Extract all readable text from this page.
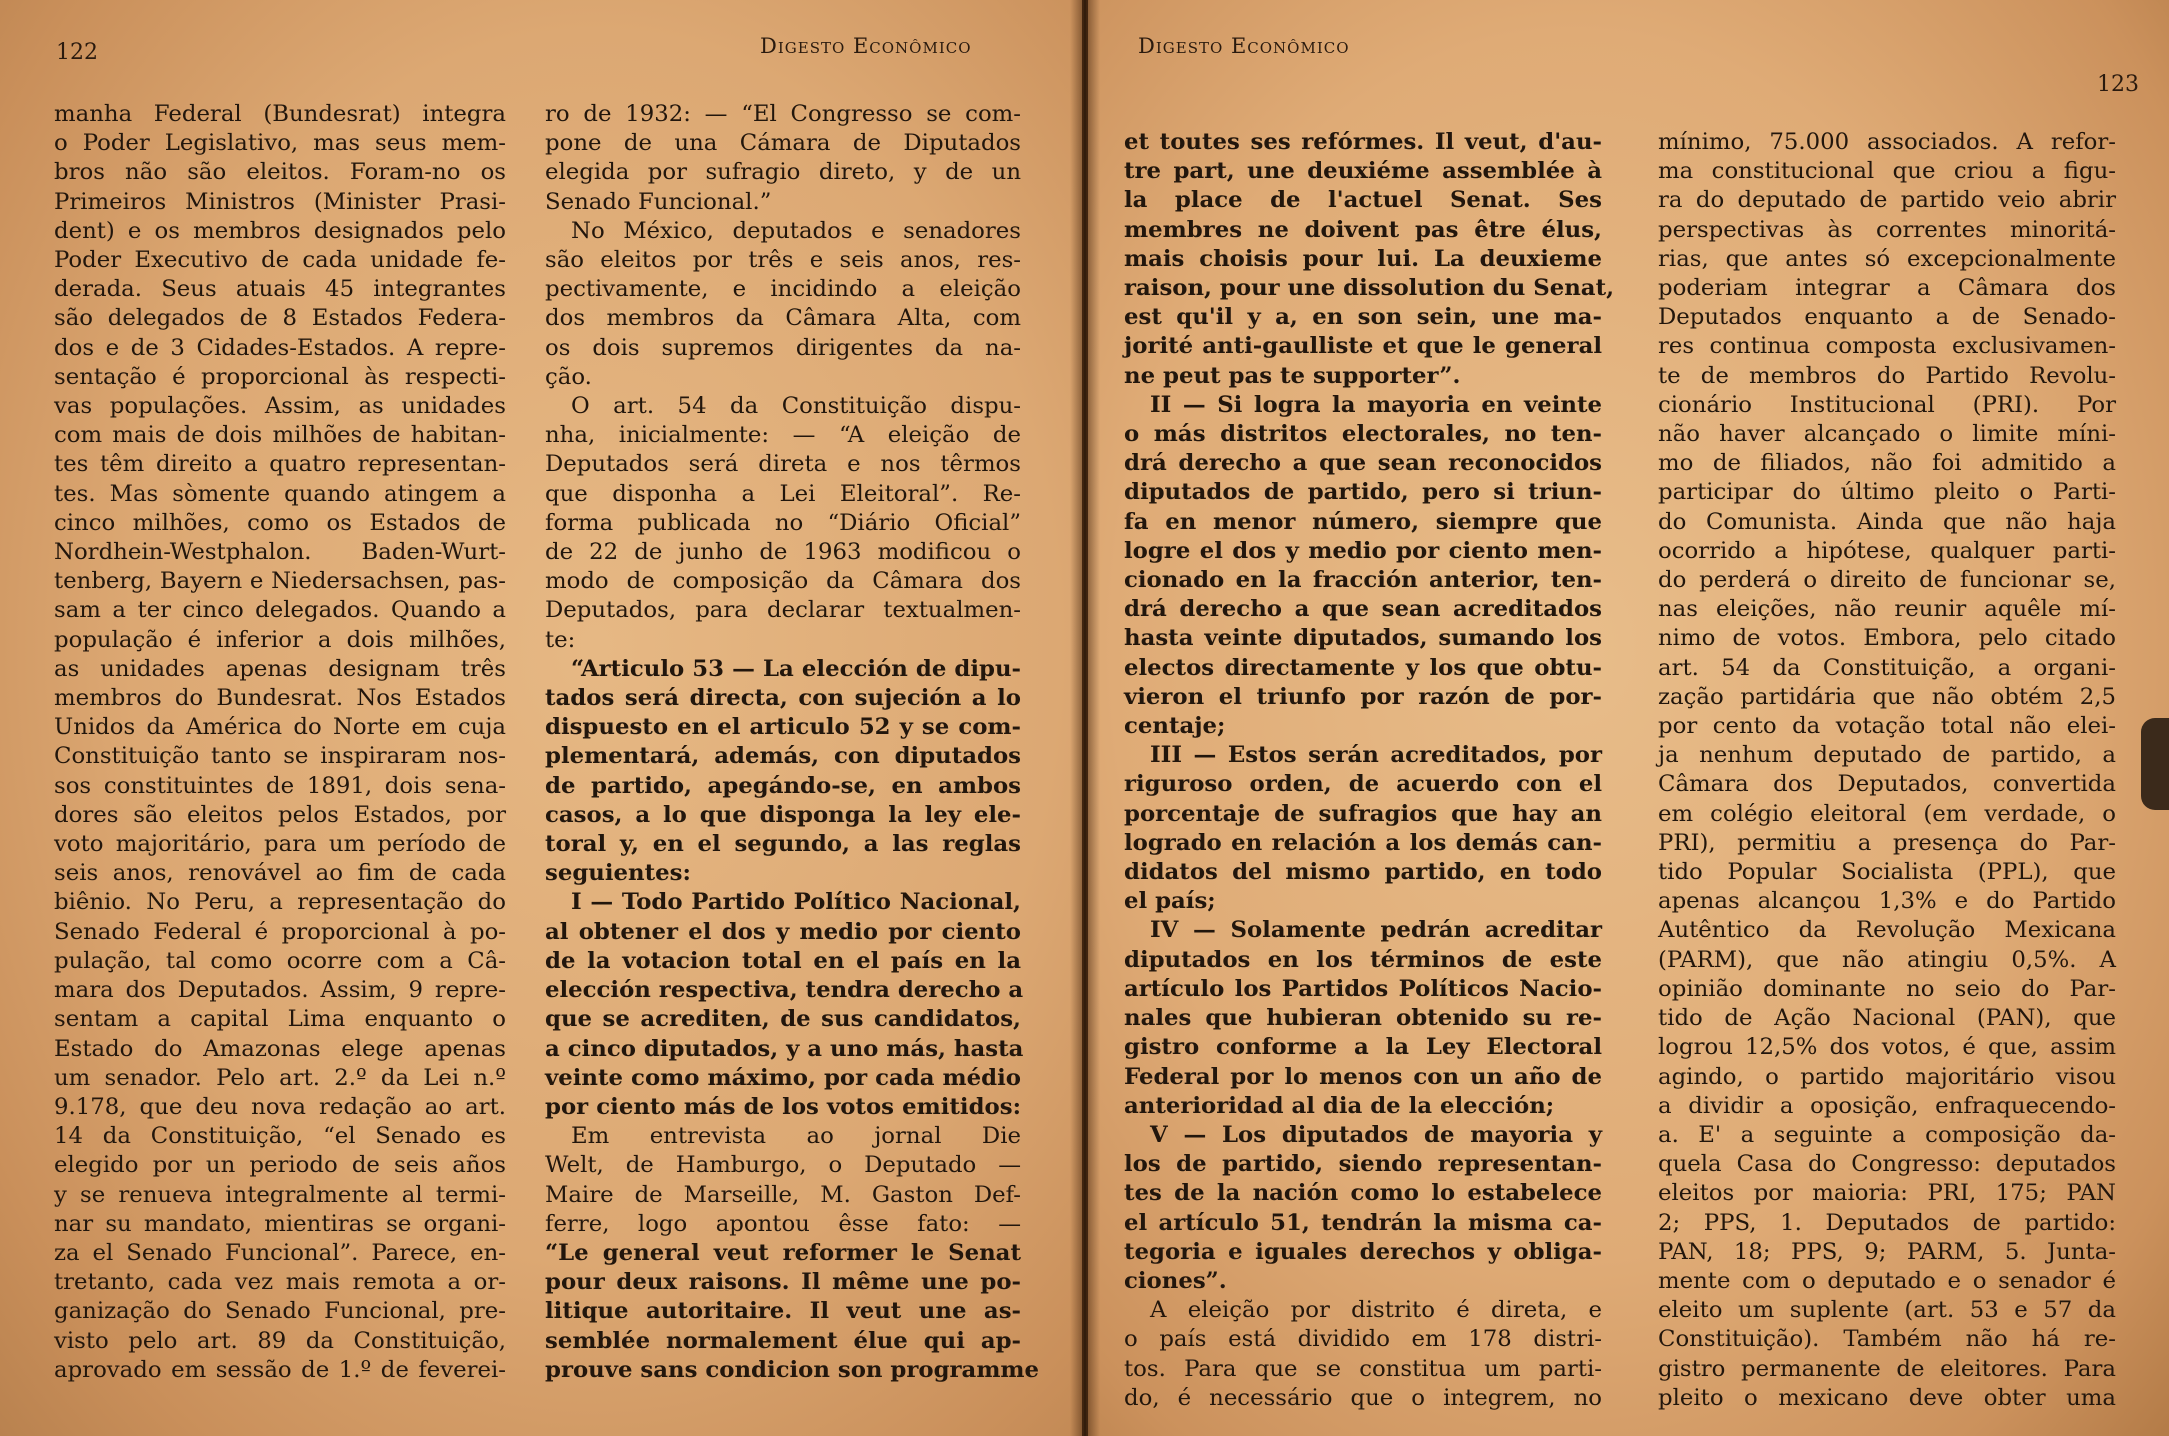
122	Digesto Econômico
manha Federal (Bundesrat) integra
o Poder Legislativo, mas seus mem-
bros não são eleitos. Foram-no os
Primeiros Ministros (Minister Prasi-
dent) e os membros designados pelo
Poder Executivo de cada unidade fe-
derada. Seus atuais 45 integrantes
são delegados de 8 Estados Federa-
dos e de 3 Cidades-Estados. A repre-
sentação é proporcional às respecti-
vas populações. Assim, as unidades
com mais de dois milhões de habitan-
tes têm direito a quatro representan-
tes. Mas sòmente quando atingem a
cinco milhões, como os Estados de
Nordhein-Westphalon. Baden-Wurt-
tenberg, Bayern e Niedersachsen, pas-
sam a ter cinco delegados. Quando a
população é inferior a dois milhões,
as unidades apenas designam três
membros do Bundesrat. Nos Estados
Unidos da América do Norte em cuja
Constituição tanto se inspiraram nos-
sos constituintes de 1891, dois sena-
dores são eleitos pelos Estados, por
voto majoritário, para um período de
seis anos, renovável ao fim de cada
biênio. No Peru, a representação do
Senado Federal é proporcional à po-
pulação, tal como ocorre com a Câ-
mara dos Deputados. Assim, 9 repre-
sentam a capital Lima enquanto o
Estado do Amazonas elege apenas
um senador. Pelo art. 2.º da Lei n.º
9.178, que deu nova redação ao art.
14 da Constituição, “el Senado es
elegido por un periodo de seis años
y se renueva integralmente al termi-
nar su mandato, mientiras se organi-
za el Senado Funcional”. Parece, en-
tretanto, cada vez mais remota a or-
ganização do Senado Funcional, pre-
visto pelo art. 89 da Constituição,
aprovado em sessão de 1.º de feverei-
ro de 1932: — “El Congresso se com-
pone de una Cámara de Diputados
elegida por sufragio direto, y de un
Senado Funcional.”
No México, deputados e senadores
são eleitos por três e seis anos, res-
pectivamente, e incidindo a eleição
dos membros da Câmara Alta, com
os dois supremos dirigentes da na-
ção.
O art. 54 da Constituição dispu-
nha, inicialmente: — “A eleição de
Deputados será direta e nos têrmos
que disponha a Lei Eleitoral”. Re-
forma publicada no “Diário Oficial”
de 22 de junho de 1963 modificou o
modo de composição da Câmara dos
Deputados, para declarar textualmen-
te:
“Articulo 53 — La elección de dipu-
tados será directa, con sujeción a lo
dispuesto en el articulo 52 y se com-
plementará, además, con diputados
de partido, apegándo-se, en ambos
casos, a lo que disponga la ley ele-
toral y, en el segundo, a las reglas
seguientes:
I — Todo Partido Político Nacional,
al obtener el dos y medio por ciento
de la votacion total en el país en la
elección respectiva, tendra derecho a
que se acrediten, de sus candidatos,
a cinco diputados, y a uno más, hasta
veinte como máximo, por cada médio
por ciento más de los votos emitidos:
Em entrevista ao jornal Die
Welt, de Hamburgo, o Deputado —
Maire de Marseille, M. Gaston Def-
ferre, logo apontou êsse fato: —
“Le general veut reformer le Senat
pour deux raisons. Il même une po-
litique autoritaire. Il veut une as-
semblée normalement élue qui ap-
prouve sans condicion son programme
Digesto Econômico
123
et toutes ses refórmes. Il veut, d'au-
tre part, une deuxiéme assemblée à
la place de l'actuel Senat. Ses
membres ne doivent pas être élus,
mais choisis pour lui. La deuxieme
raison, pour une dissolution du Senat,
est qu'il y a, en son sein, une ma-
jorité anti-gaulliste et que le general
ne peut pas te supporter”.
II — Si logra la mayoria en veinte
o más distritos electorales, no ten-
drá derecho a que sean reconocidos
diputados de partido, pero si triun-
fa en menor número, siempre que
logre el dos y medio por ciento men-
cionado en la fracción anterior, ten-
drá derecho a que sean acreditados
hasta veinte diputados, sumando los
electos directamente y los que obtu-
vieron el triunfo por razón de por-
centaje;
III — Estos serán acreditados, por
riguroso orden, de acuerdo con el
porcentaje de sufragios que hay an
logrado en relación a los demás can-
didatos del mismo partido, en todo
el país;
IV — Solamente pedrán acreditar
diputados en los términos de este
artículo los Partidos Políticos Nacio-
nales que hubieran obtenido su re-
gistro conforme a la Ley Electoral
Federal por lo menos con un año de
anterioridad al dia de la elección;
V — Los diputados de mayoria y
los de partido, siendo representan-
tes de la nación como lo estabelece
el artículo 51, tendrán la misma ca-
tegoria e iguales derechos y obliga-
ciones”.
A eleição por distrito é direta, e
o país está dividido em 178 distri-
tos. Para que se constitua um parti-
do, é necessário que o integrem, no
mínimo, 75.000 associados. A refor-
ma constitucional que criou a figu-
ra do deputado de partido veio abrir
perspectivas às correntes minoritá-
rias, que antes só excepcionalmente
poderiam integrar a Câmara dos
Deputados enquanto a de Senado-
res continua composta exclusivamen-
te de membros do Partido Revolu-
cionário Institucional (PRI). Por
não haver alcançado o limite míni-
mo de filiados, não foi admitido a
participar do último pleito o Parti-
do Comunista. Ainda que não haja
ocorrido a hipótese, qualquer parti-
do perderá o direito de funcionar se,
nas eleições, não reunir aquêle mí-
nimo de votos. Embora, pelo citado
art. 54 da Constituição, a organi-
zação partidária que não obtém 2,5
por cento da votação total não elei-
ja nenhum deputado de partido, a
Câmara dos Deputados, convertida
em colégio eleitoral (em verdade, o
PRI), permitiu a presença do Par-
tido Popular Socialista (PPL), que
apenas alcançou 1,3% e do Partido
Autêntico da Revolução Mexicana
(PARM), que não atingiu 0,5%. A
opinião dominante no seio do Par-
tido de Ação Nacional (PAN), que
logrou 12,5% dos votos, é que, assim
agindo, o partido majoritário visou
a dividir a oposição, enfraquecendo-
a. E' a seguinte a composição da-
quela Casa do Congresso: deputados
eleitos por maioria: PRI, 175; PAN
2; PPS, 1. Deputados de partido:
PAN, 18; PPS, 9; PARM, 5. Junta-
mente com o deputado e o senador é
eleito um suplente (art. 53 e 57 da
Constituição). Também não há re-
gistro permanente de eleitores. Para
pleito o mexicano deve obter uma
